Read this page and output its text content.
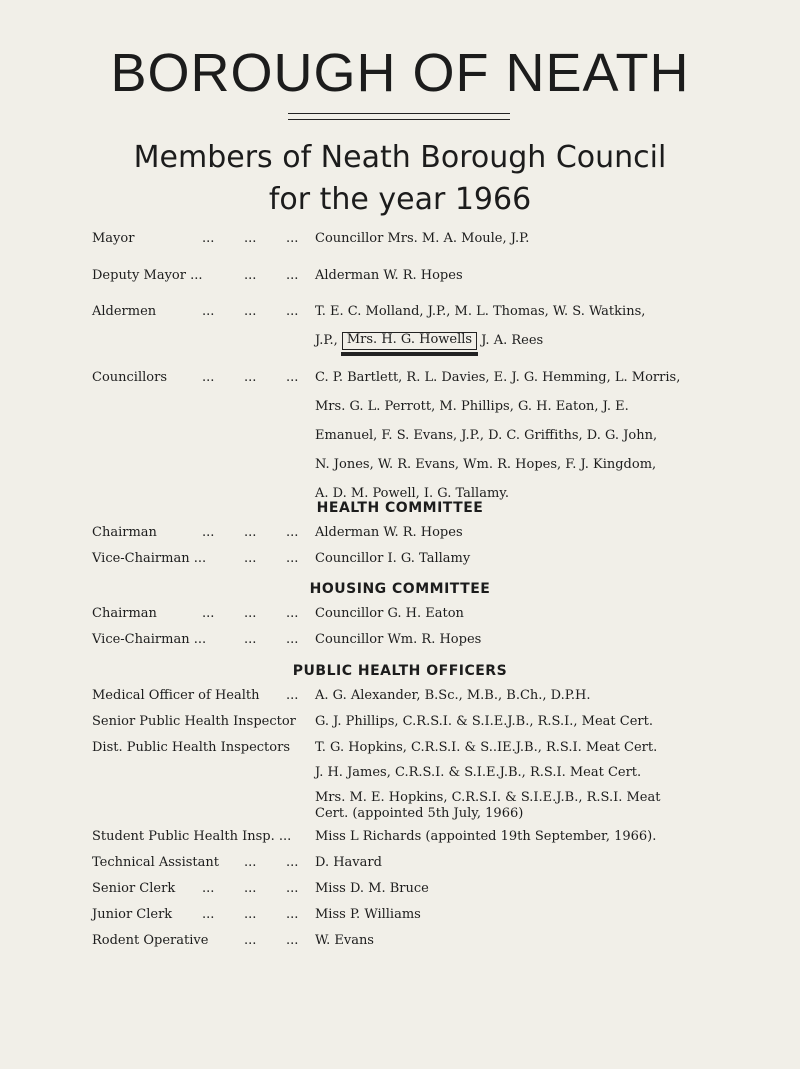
BOROUGH OF NEATH
Members of Neath Borough Council
for the year 1966
Mayor	... ... ... Councillor Mrs. M. A. Moule, J.P.
Deputy Mayor ...	... ... Alderman W. R. Hopes
Aldermen	... ... ... T. E. C. Molland, J.P., M. L. Thomas, W. S. Watkins,
J.P., Mrs. H. G. Howells J. A. Rees
Councillors	... ... ... C. P. Bartlett, R. L. Davies, E. J. G. Hemming, L. Morris,
Mrs. G. L. Perrott, M. Phillips, G. H. Eaton, J. E.
Emanuel, F. S. Evans, J.P., D. C. Griffiths, D. G. John,
N. Jones, W. R. Evans, Wm. R. Hopes, F. J. Kingdom,
A. D. M. Powell, I. G. Tallamy.
HEALTH COMMITTEE
Chairman	... ... ... Alderman W. R. Hopes
Vice-Chairman ...	... ... Councillor I. G. Tallamy
HOUSING COMMITTEE
Chairman	... ... ... Councillor G. H. Eaton
Vice-Chairman ...	... ... Councillor Wm. R. Hopes
PUBLIC HEALTH OFFICERS
Medical Officer of Health ... A. G. Alexander, B.Sc., M.B., B.Ch., D.P.H.
Senior Public Health Inspector G. J. Phillips, C.R.S.I. & S.I.E.J.B., R.S.I., Meat Cert.
Dist. Public Health Inspectors T. G. Hopkins, C.R.S.I. & S..IE.J.B., R.S.I. Meat Cert.
J. H. James, C.R.S.I. & S.I.E.J.B., R.S.I. Meat Cert.
Mrs. M. E. Hopkins, C.R.S.I. & S.I.E.J.B., R.S.I. Meat
Cert. (appointed 5th July, 1966)
Student Public Health Insp. ... Miss L Richards (appointed 19th September, 1966).
Technical Assistant ... ... D. Havard
Senior Clerk ... ... ... Miss D. M. Bruce
Junior Clerk ... ... ... Miss P. Williams
Rodent Operative	... ... W. Evans
